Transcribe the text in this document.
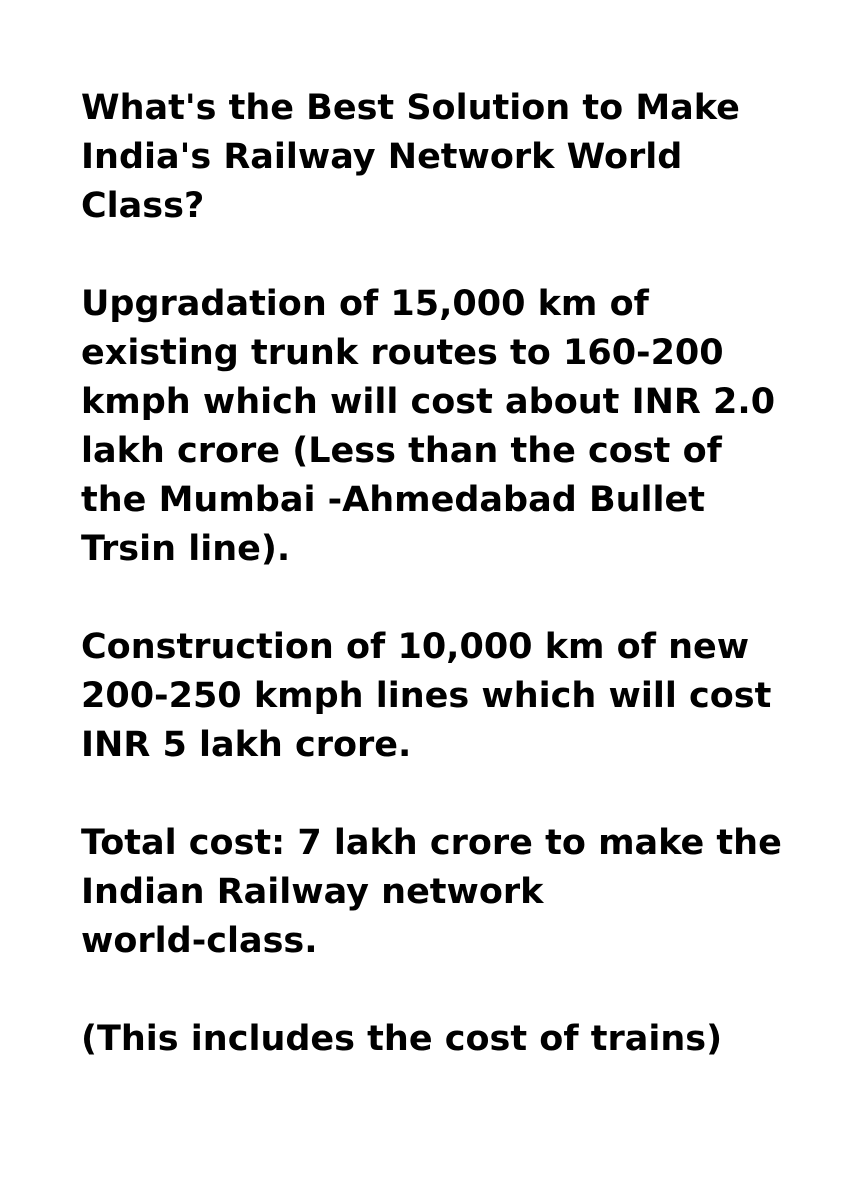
What's the Best Solution to Make
India's Railway Network World
Class?

Upgradation of 15,000 km of
existing trunk routes to 160-200
kmph which will cost about INR 2.0
lakh crore (Less than the cost of
the Mumbai -Ahmedabad Bullet
Trsin line).

Construction of 10,000 km of new
200-250 kmph lines which will cost
INR 5 lakh crore.

Total cost: 7 lakh crore to make the
Indian Railway network
world-class.

(This includes the cost of trains)
